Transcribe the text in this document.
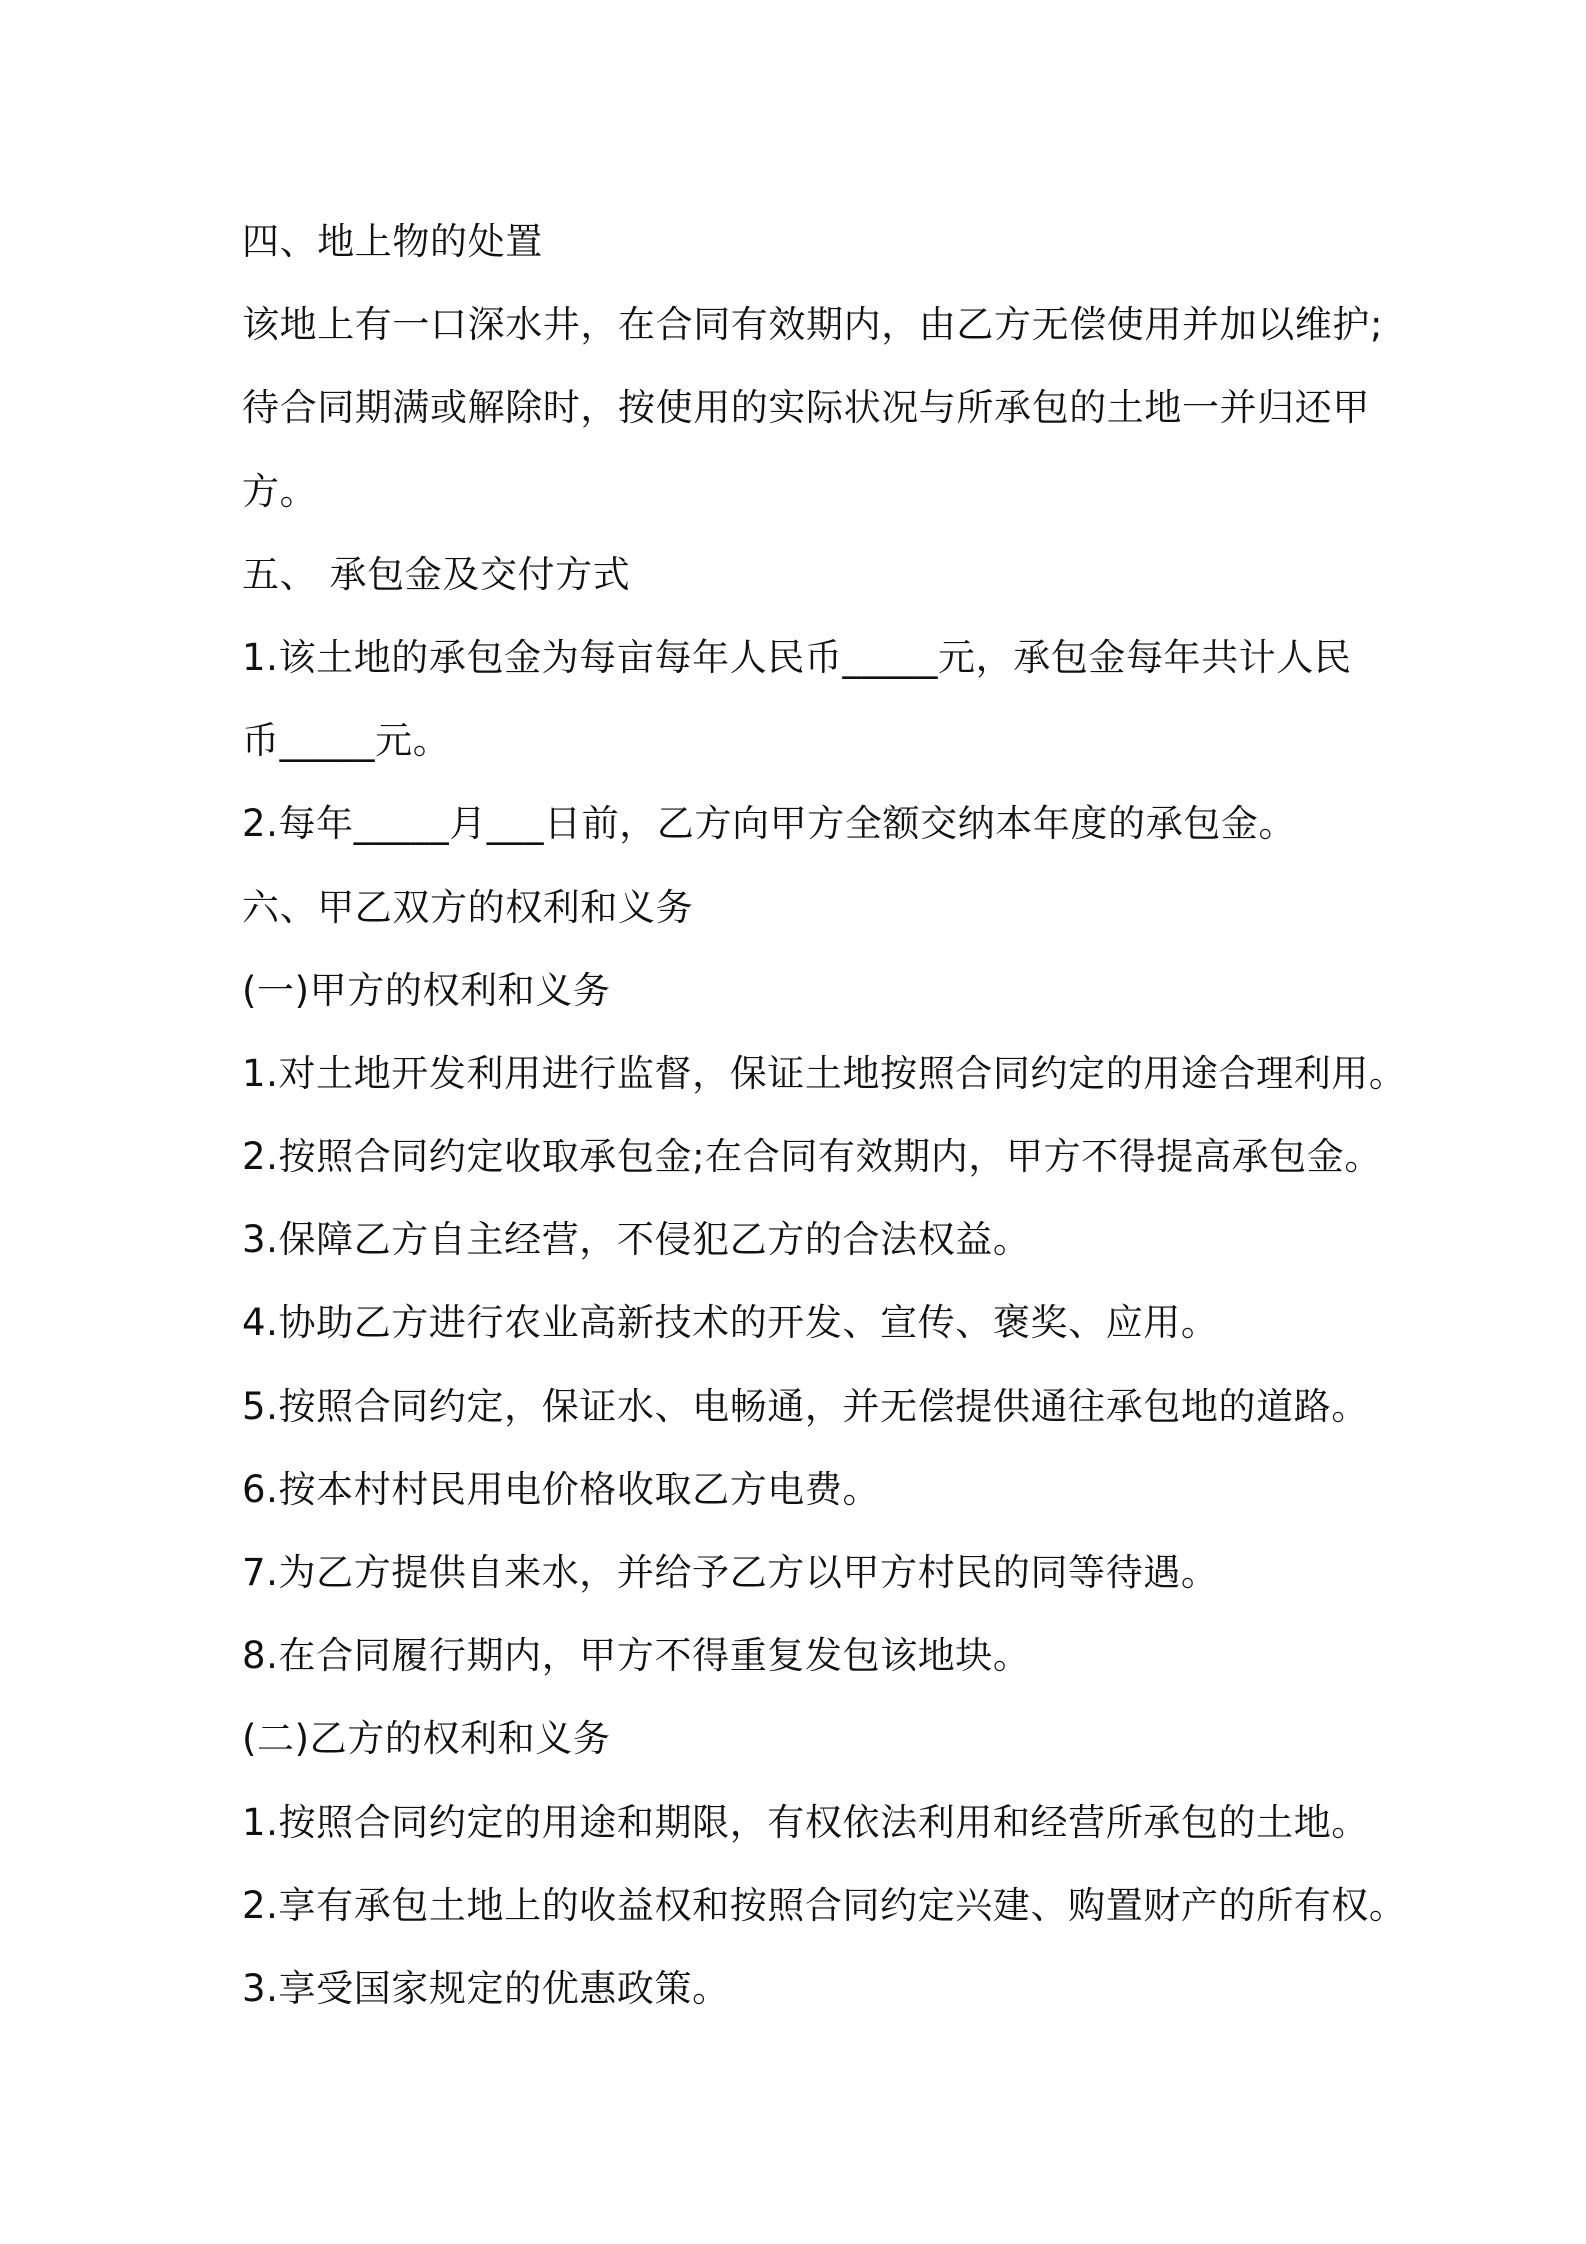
四、地上物的处置
该地上有一口深水井，在合同有效期内，由乙方无偿使用并加以维护;
待合同期满或解除时，按使用的实际状况与所承包的土地一并归还甲
方。
五、 承包金及交付方式
1.该土地的承包金为每亩每年人民币_____元，承包金每年共计人民
币_____元。
2.每年_____月___日前，乙方向甲方全额交纳本年度的承包金。
六、甲乙双方的权利和义务
(一)甲方的权利和义务
1.对土地开发利用进行监督，保证土地按照合同约定的用途合理利用。
2.按照合同约定收取承包金;在合同有效期内，甲方不得提高承包金。
3.保障乙方自主经营，不侵犯乙方的合法权益。
4.协助乙方进行农业高新技术的开发、宣传、褒奖、应用。
5.按照合同约定，保证水、电畅通，并无偿提供通往承包地的道路。
6.按本村村民用电价格收取乙方电费。
7.为乙方提供自来水，并给予乙方以甲方村民的同等待遇。
8.在合同履行期内，甲方不得重复发包该地块。
(二)乙方的权利和义务
1.按照合同约定的用途和期限，有权依法利用和经营所承包的土地。
2.享有承包土地上的收益权和按照合同约定兴建、购置财产的所有权。
3.享受国家规定的优惠政策。
